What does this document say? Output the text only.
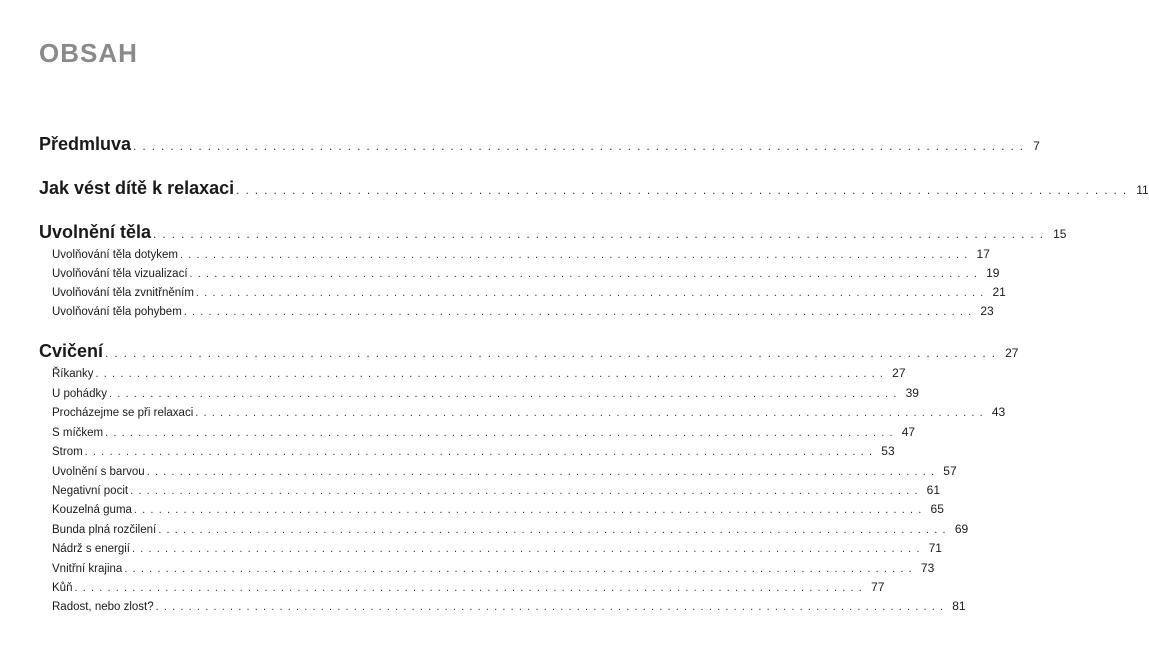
OBSAH
Předmluva ................................................................................................ 7
Jak vést dítě k relaxaci ................................................................................................ 11
Uvolnění těla ................................................................................................ 15
Uvolňování těla dotykem ................................................................................................ 17
Uvolňování těla vizualizací ................................................................................................ 19
Uvolňování těla zvnitřněním ................................................................................................ 21
Uvolňování těla pohybem ................................................................................................ 23
Cvičení ................................................................................................ 27
Říkanky ................................................................................................ 27
U pohádky ................................................................................................ 39
Procházejme se při relaxaci ................................................................................................ 43
S míčkem ................................................................................................ 47
Strom ................................................................................................ 53
Uvolnění s barvou ................................................................................................ 57
Negativní pocit ................................................................................................ 61
Kouzelná guma ................................................................................................ 65
Bunda plná rozčilení ................................................................................................ 69
Nádrž s energií ................................................................................................ 71
Vnitřní krajina ................................................................................................ 73
Kůň ................................................................................................ 77
Radost, nebo zlost? ................................................................................................ 81
